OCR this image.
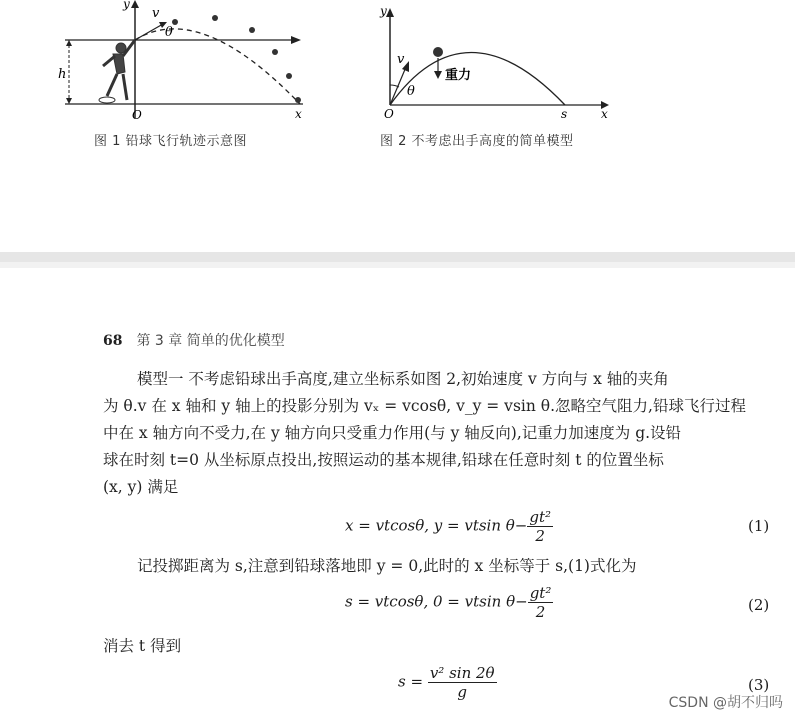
v
θ
h
y
x
O
图 1 铅球飞行轨迹示意图
y
v
θ
重力
O	s	x
图 2 不考虑出手高度的简单模型
68 第 3 章 简单的优化模型

模型一 不考虑铅球出手高度,建立坐标系如图 2,初始速度 v 方向与 x 轴的夹角

为 θ.v 在 x 轴和 y 轴上的投影分别为 vₓ = vcosθ, v_y = vsin θ.忽略空气阻力,铅球飞行过程

中在 x 轴方向不受力,在 y 轴方向只受重力作用(与 y 轴反向),记重力加速度为 g.设铅

球在时刻 t=0 从坐标原点投出,按照运动的基本规律,铅球在任意时刻 t 的位置坐标

(x, y) 满足

x = vtcosθ, y = vtsin $\theta- \frac{\text{gt²}}{2}$	(1)

记投掷距离为 s,注意到铅球落地即 y = 0,此时的 x 坐标等于 s,(1)式化为

s = vtcosθ, 0 = vtsin $\theta- \frac{\text{gt²}}{2}$	(2)

消去 t 得到

$s = \frac{\text{v² sin 2θ}}{g}$	(3)
CSDN @胡不归吗
